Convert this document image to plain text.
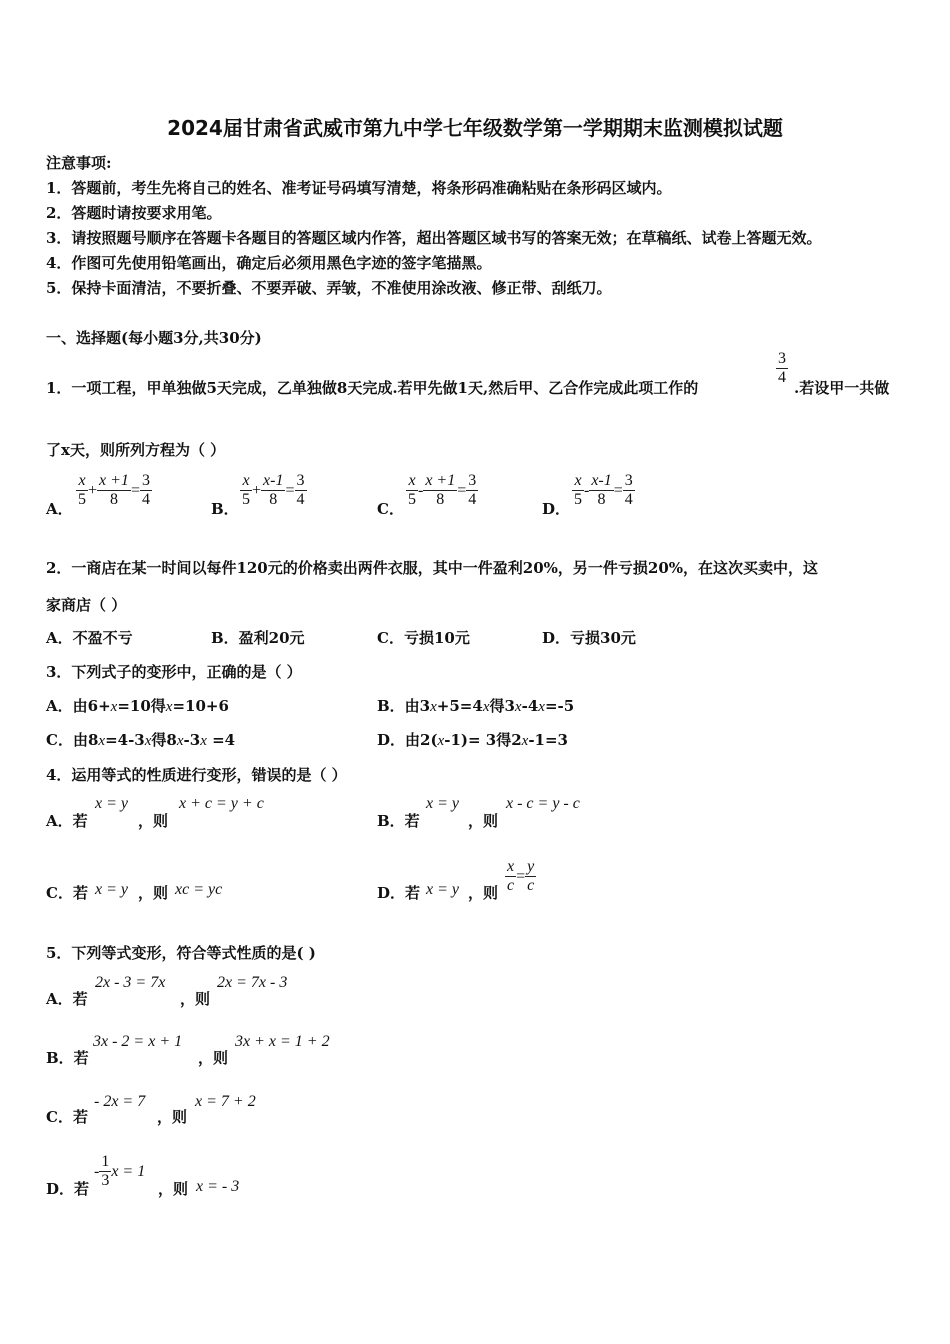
2024届甘肃省武威市第九中学七年级数学第一学期期末监测模拟试题
注意事项:
1．答题前，考生先将自己的姓名、准考证号码填写清楚，将条形码准确粘贴在条形码区域内。
2．答题时请按要求用笔。
3．请按照题号顺序在答题卡各题目的答题区域内作答，超出答题区域书写的答案无效；在草稿纸、试卷上答题无效。
4．作图可先使用铅笔画出，确定后必须用黑色字迹的签字笔描黑。
5．保持卡面清洁，不要折叠、不要弄破、弄皱，不准使用涂改液、修正带、刮纸刀。
一、选择题(每小题3分,共30分)
1．一项工程，甲单独做5天完成，乙单独做8天完成.若甲先做1天,然后甲、乙合作完成此项工作的
$\frac{3}{4}$
.若设甲一共做
了x天，则所列方程为（ ）
A． $\frac{x}{5} + \frac{x +1}{8} = \frac{3}{4}$	B． $\frac{x}{5} + \frac{x-1}{8} = \frac{3}{4}$	C． $\frac{x}{5} - \frac{x +1}{8} = \frac{3}{4}$	D． $\frac{x}{5} - \frac{x-1}{8} = \frac{3}{4}$
2．一商店在某一时间以每件120元的价格卖出两件衣服，其中一件盈利20%，另一件亏损20%，在这次买卖中，这
家商店（ ）
A．不盈不亏	B．盈利20元	C．亏损10元	D．亏损30元
3．下列式子的变形中，正确的是（ ）
A．由6+x=10得x=10+6	B．由3x+5=4x得3x-4x=-5
C．由8x=4-3x得8x-3x =4	D．由2(x-1)= 3得2x-1=3
4．运用等式的性质进行变形，错误的是（ ）
A．若
x = y
，则
x + c = y + c
B．若
x = y
，则
x - c = y - c
C．若 x = y ，则 xc = yc	D．若 x = y ，则 $\frac{x}{c} = \frac{y}{c}$
5．下列等式变形，符合等式性质的是( )
A．若
2x - 3 = 7x
，则
2x = 7x - 3
B．若
3x - 2 = x + 1
，则
3x + x = 1 + 2
C．若
- 2x = 7
，则
x = 7 + 2
D．若
- $\frac{1}{3}$ x = 1
，则 x = - 3
